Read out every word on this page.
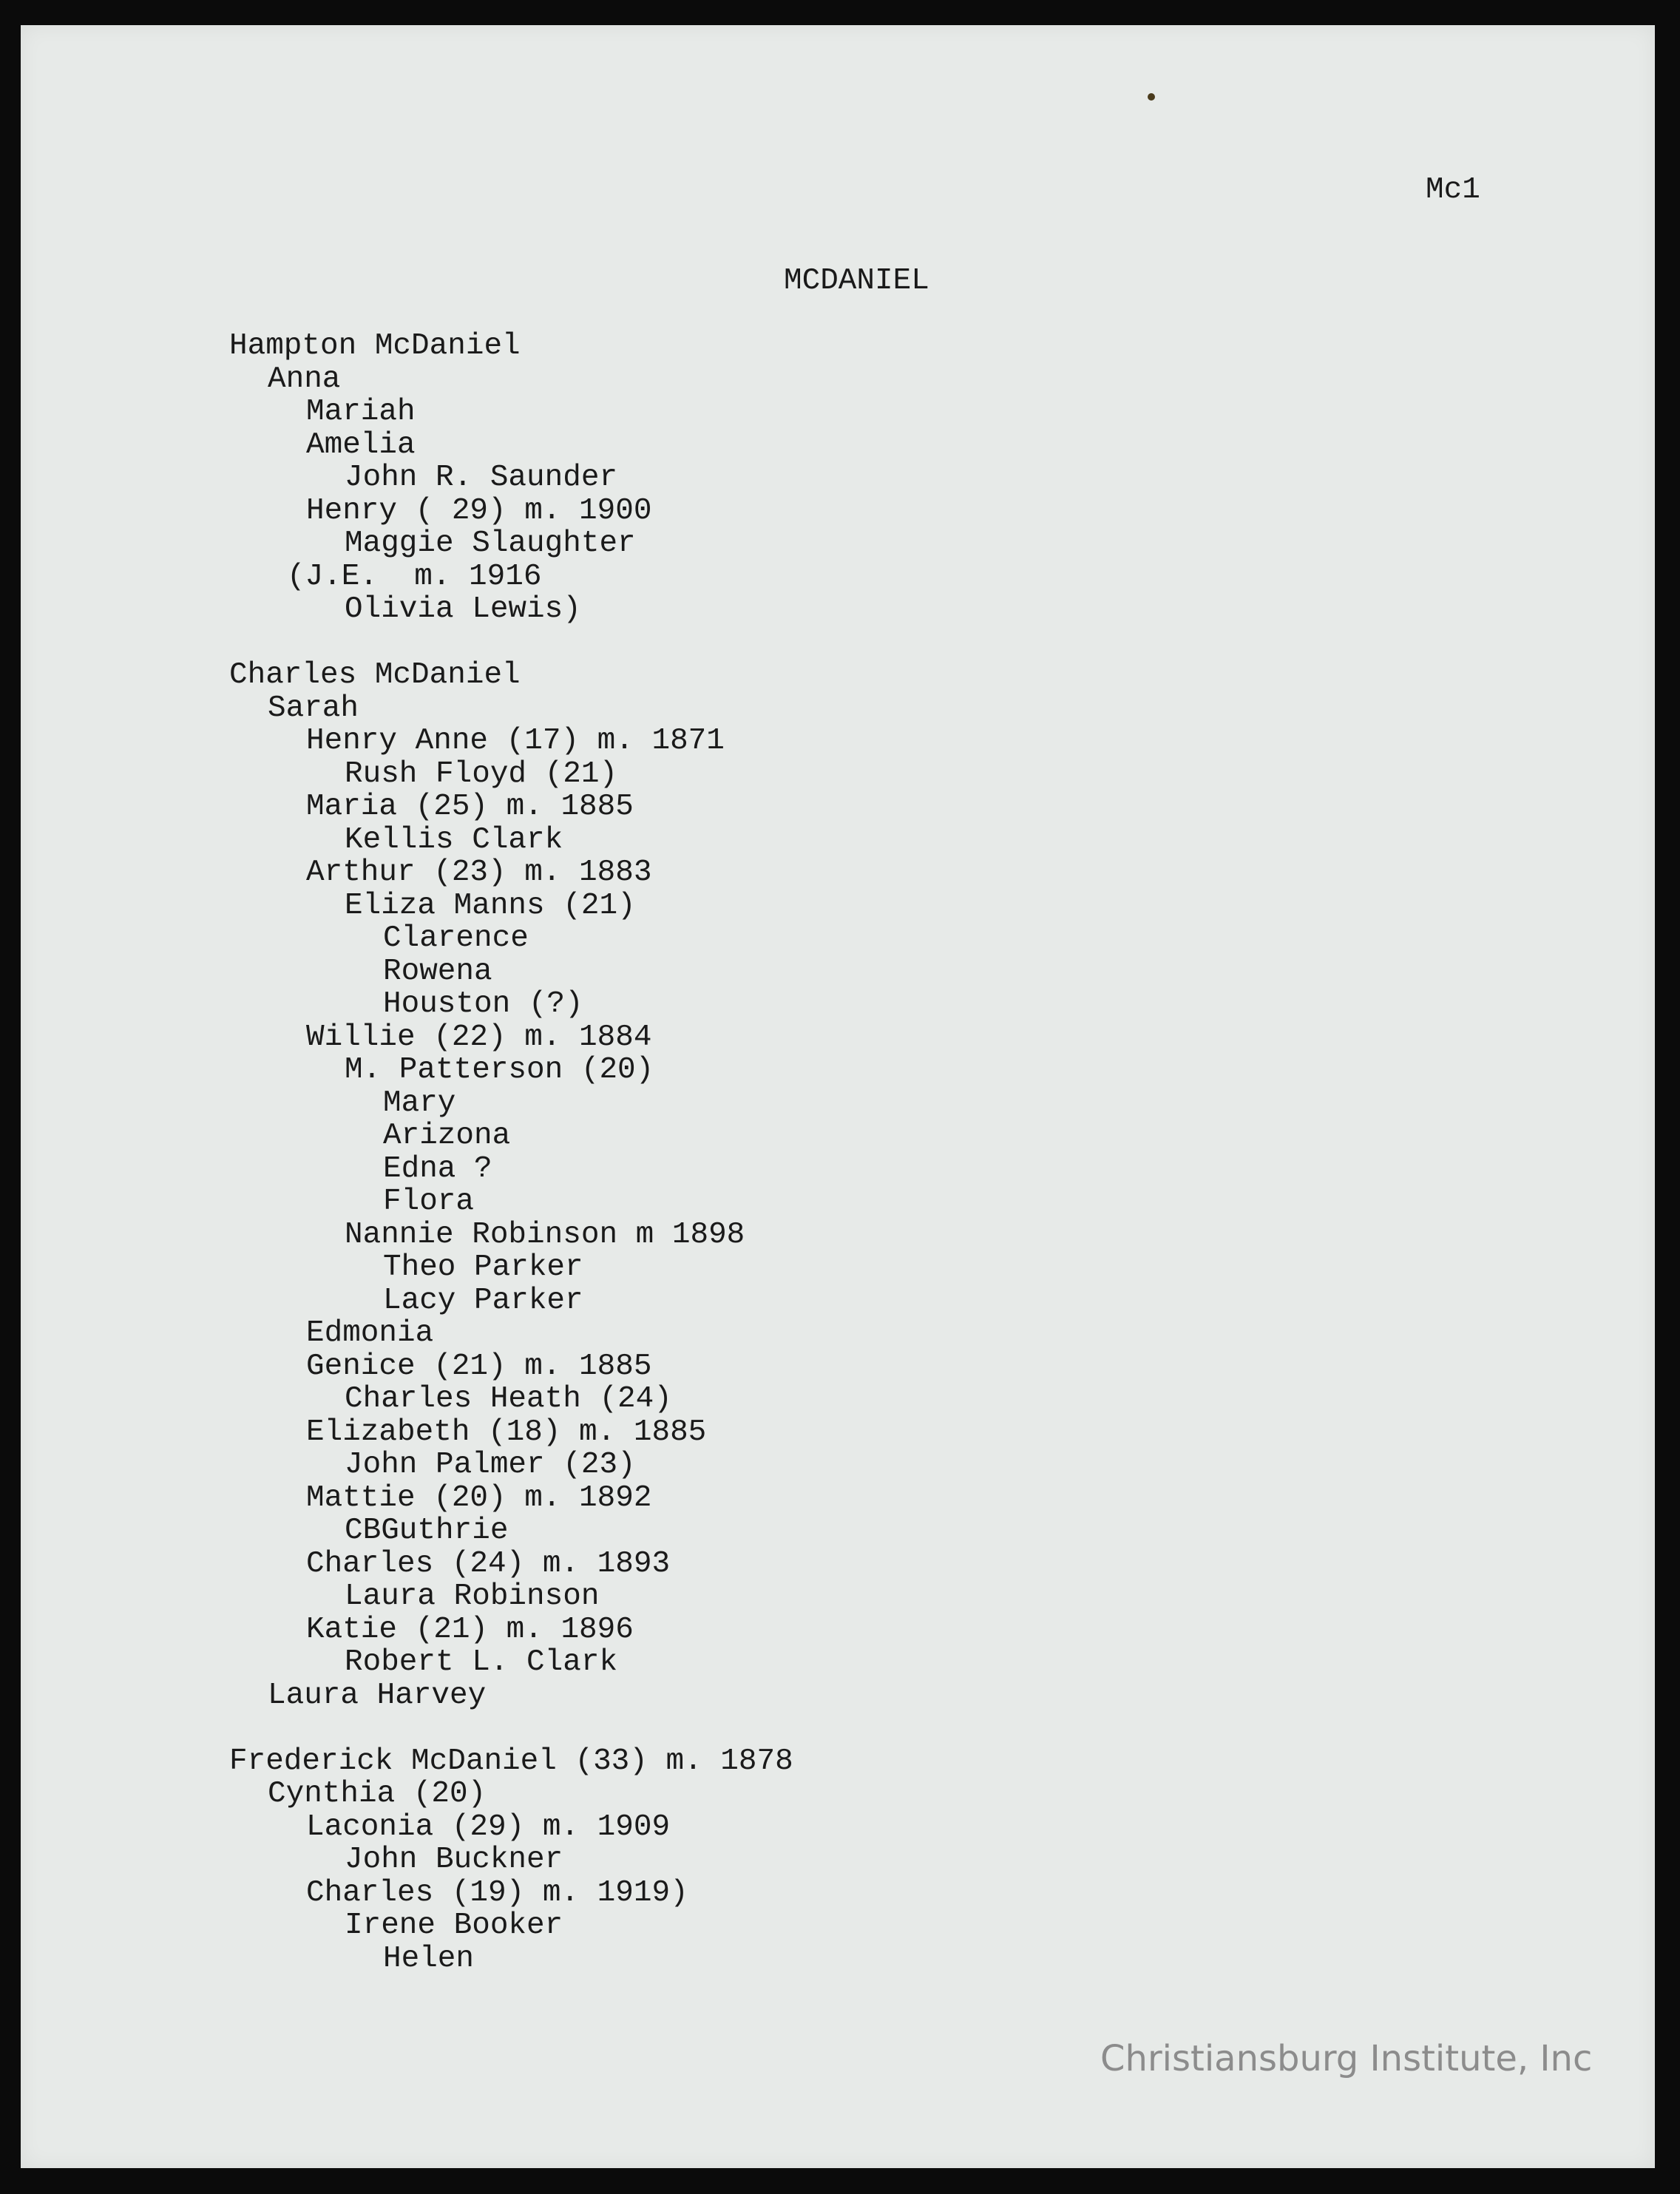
Mc1
MCDANIEL
Hampton McDaniel
Anna
Mariah
Amelia
John R. Saunder
Henry ( 29) m. 1900
Maggie Slaughter
(J.E.  m. 1916
Olivia Lewis)
Charles McDaniel
Sarah
Henry Anne (17) m. 1871
Rush Floyd (21)
Maria (25) m. 1885
Kellis Clark
Arthur (23) m. 1883
Eliza Manns (21)
Clarence
Rowena
Houston (?)
Willie (22) m. 1884
M. Patterson (20)
Mary
Arizona
Edna ?
Flora
Nannie Robinson m 1898
Theo Parker
Lacy Parker
Edmonia
Genice (21) m. 1885
Charles Heath (24)
Elizabeth (18) m. 1885
John Palmer (23)
Mattie (20) m. 1892
CBGuthrie
Charles (24) m. 1893
Laura Robinson
Katie (21) m. 1896
Robert L. Clark
Laura Harvey
Frederick McDaniel (33) m. 1878
Cynthia (20)
Laconia (29) m. 1909
John Buckner
Charles (19) m. 1919)
Irene Booker
Helen
Christiansburg Institute, Inc
